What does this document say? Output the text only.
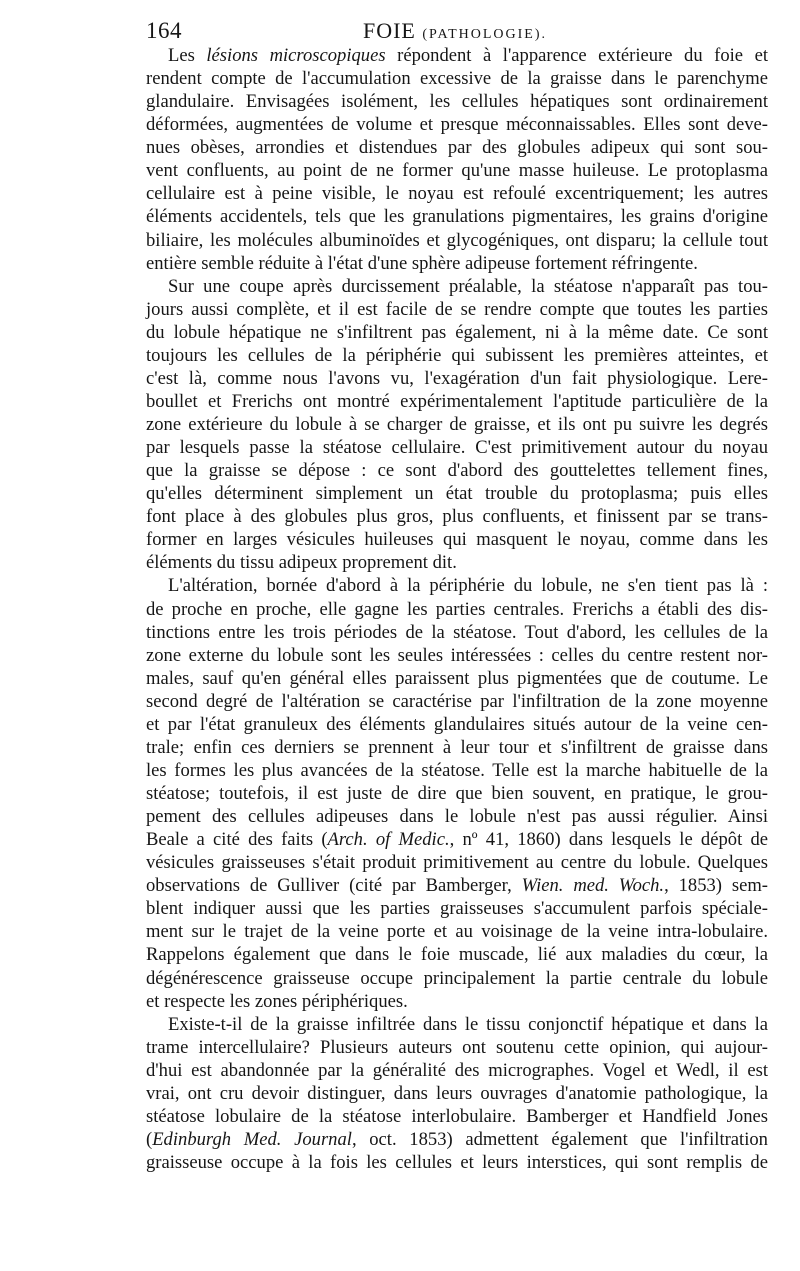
164	FOIE (PATHOLOGIE).
Les lésions microscopiques répondent à l'apparence extérieure du foie et
rendent compte de l'accumulation excessive de la graisse dans le parenchyme
glandulaire. Envisagées isolément, les cellules hépatiques sont ordinairement
déformées, augmentées de volume et presque méconnaissables. Elles sont deve-
nues obèses, arrondies et distendues par des globules adipeux qui sont sou-
vent confluents, au point de ne former qu'une masse huileuse. Le protoplasma
cellulaire est à peine visible, le noyau est refoulé excentriquement; les autres
éléments accidentels, tels que les granulations pigmentaires, les grains d'origine
biliaire, les molécules albuminoïdes et glycogéniques, ont disparu; la cellule tout
entière semble réduite à l'état d'une sphère adipeuse fortement réfringente.
Sur une coupe après durcissement préalable, la stéatose n'apparaît pas tou-
jours aussi complète, et il est facile de se rendre compte que toutes les parties
du lobule hépatique ne s'infiltrent pas également, ni à la même date. Ce sont
toujours les cellules de la périphérie qui subissent les premières atteintes, et
c'est là, comme nous l'avons vu, l'exagération d'un fait physiologique. Lere-
boullet et Frerichs ont montré expérimentalement l'aptitude particulière de la
zone extérieure du lobule à se charger de graisse, et ils ont pu suivre les degrés
par lesquels passe la stéatose cellulaire. C'est primitivement autour du noyau
que la graisse se dépose : ce sont d'abord des gouttelettes tellement fines,
qu'elles déterminent simplement un état trouble du protoplasma; puis elles
font place à des globules plus gros, plus confluents, et finissent par se trans-
former en larges vésicules huileuses qui masquent le noyau, comme dans les
éléments du tissu adipeux proprement dit.
L'altération, bornée d'abord à la périphérie du lobule, ne s'en tient pas là :
de proche en proche, elle gagne les parties centrales. Frerichs a établi des dis-
tinctions entre les trois périodes de la stéatose. Tout d'abord, les cellules de la
zone externe du lobule sont les seules intéressées : celles du centre restent nor-
males, sauf qu'en général elles paraissent plus pigmentées que de coutume. Le
second degré de l'altération se caractérise par l'infiltration de la zone moyenne
et par l'état granuleux des éléments glandulaires situés autour de la veine cen-
trale; enfin ces derniers se prennent à leur tour et s'infiltrent de graisse dans
les formes les plus avancées de la stéatose. Telle est la marche habituelle de la
stéatose; toutefois, il est juste de dire que bien souvent, en pratique, le grou-
pement des cellules adipeuses dans le lobule n'est pas aussi régulier. Ainsi
Beale a cité des faits (Arch. of Medic., nº 41, 1860) dans lesquels le dépôt de
vésicules graisseuses s'était produit primitivement au centre du lobule. Quelques
observations de Gulliver (cité par Bamberger, Wien. med. Woch., 1853) sem-
blent indiquer aussi que les parties graisseuses s'accumulent parfois spéciale-
ment sur le trajet de la veine porte et au voisinage de la veine intra-lobulaire.
Rappelons également que dans le foie muscade, lié aux maladies du cœur, la
dégénérescence graisseuse occupe principalement la partie centrale du lobule
et respecte les zones périphériques.
Existe-t-il de la graisse infiltrée dans le tissu conjonctif hépatique et dans la
trame intercellulaire? Plusieurs auteurs ont soutenu cette opinion, qui aujour-
d'hui est abandonnée par la généralité des micrographes. Vogel et Wedl, il est
vrai, ont cru devoir distinguer, dans leurs ouvrages d'anatomie pathologique, la
stéatose lobulaire de la stéatose interlobulaire. Bamberger et Handfield Jones
(Edinburgh Med. Journal, oct. 1853) admettent également que l'infiltration
graisseuse occupe à la fois les cellules et leurs interstices, qui sont remplis de
